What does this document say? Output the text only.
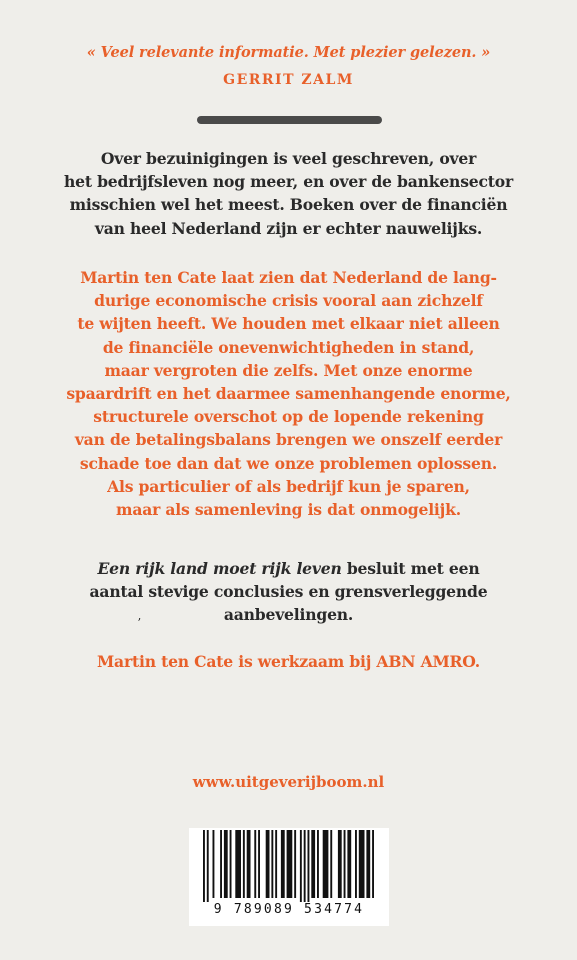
« Veel relevante informatie. Met plezier gelezen. »
GERRIT ZALM
Over bezuinigingen is veel geschreven, over
het bedrijfsleven nog meer, en over de bankensector
misschien wel het meest. Boeken over de financiën
van heel Nederland zijn er echter nauwelijks.
Martin ten Cate laat zien dat Nederland de lang-
durige economische crisis vooral aan zichzelf
te wijten heeft. We houden met elkaar niet alleen
de financiële onevenwichtigheden in stand,
maar vergroten die zelfs. Met onze enorme
spaardrift en het daarmee samenhangende enorme,
structurele overschot op de lopende rekening
van de betalingsbalans brengen we onszelf eerder
schade toe dan dat we onze problemen oplossen.
Als particulier of als bedrijf kun je sparen,
maar als samenleving is dat onmogelijk.
Een rijk land moet rijk leven besluit met een
aantal stevige conclusies en grensverleggende
aanbevelingen.
ʼ
Martin ten Cate is werkzaam bij ABN AMRO.
www.uitgeverijboom.nl
9 789089 534774
